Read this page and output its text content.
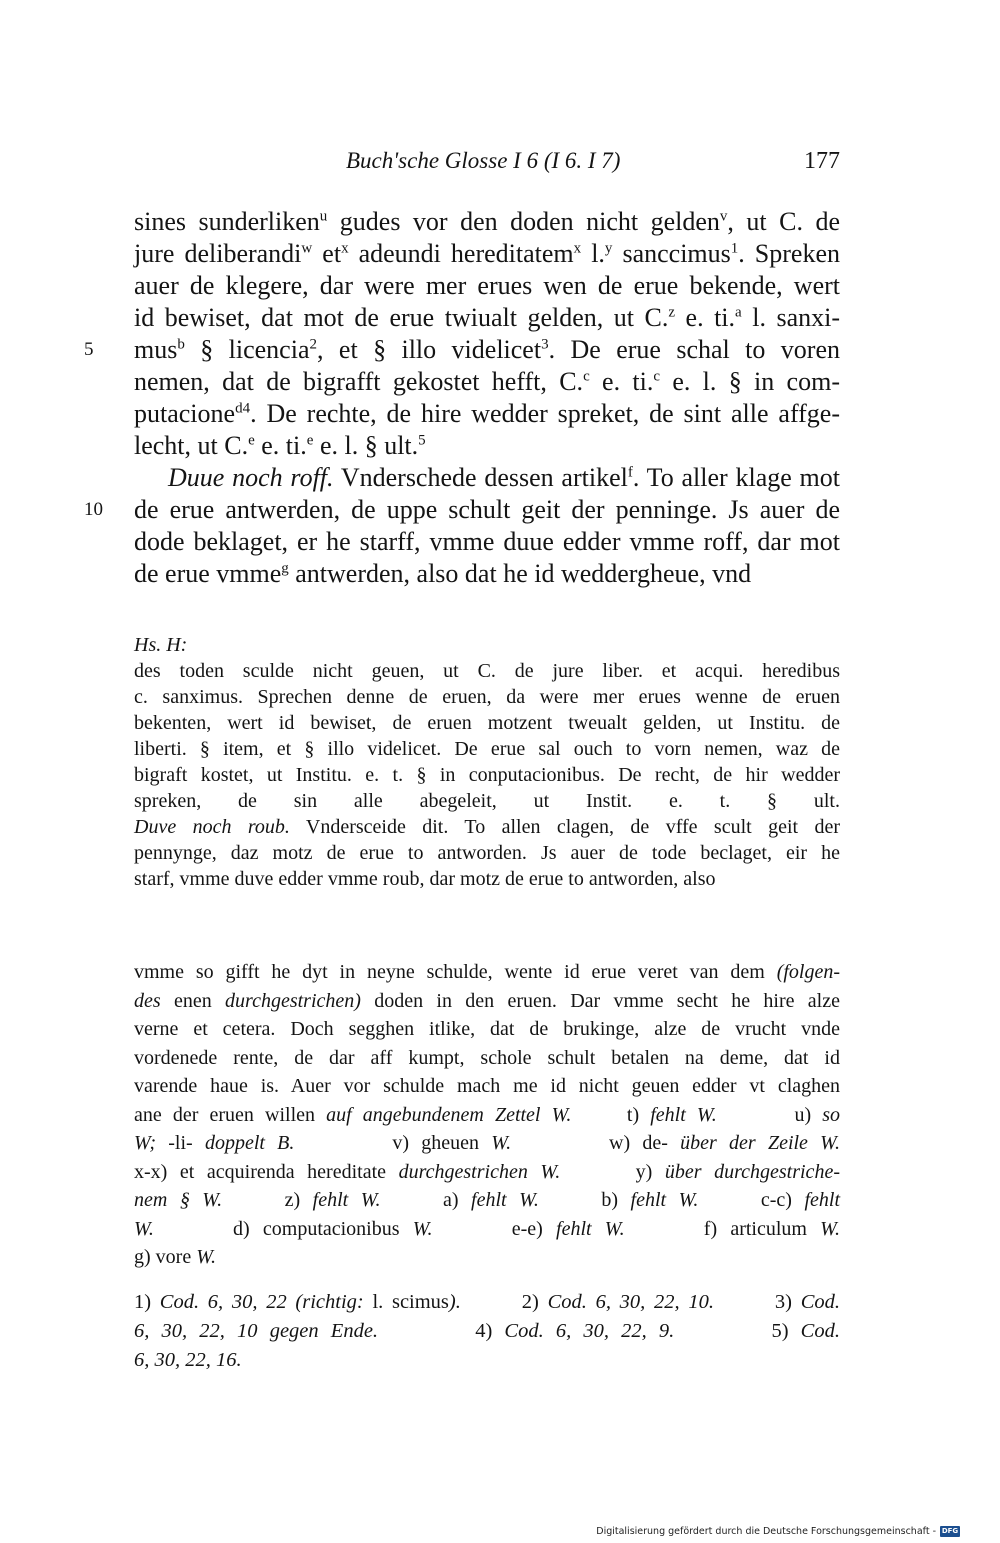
Buch'sche Glosse I 6 (I 6. I 7)	177
5
10
sines sunderliken$^u$ gudes vor den doden nicht gelden$^v$, ut C. de
jure deliberandi$^w$ $et^x$ adeundi hereditatem$^x$ l.$^y$ sanccimus$^1$. Spreken
auer de klegere, dar were mer erues wen de erue bekende, wert
id bewiset, dat mot de erue twiualt gelden, ut C.$^z$ e. ti.$^a$ l. sanxi-
mus$^b$ § licencia$^2$, et § illo videlicet$^3$. De erue schal to voren
nemen, dat de bigrafft gekostet hefft, C.$^c$ e. ti.$^c$ e. l. § in com-
putacione$^{d4}$. De rechte, de hire wedder spreket, de sint alle affge-
lecht, ut C.$^e$ e. ti.$^e$ e. l. § ult.$^5$
Duue noch roff. Vnderschede dessen artikel$^f$. To aller klage mot
de erue antwerden, de uppe schult geit der penninge. Js auer de
dode beklaget, er he starff, vmme duue edder vmme roff, dar mot
de erue vmme$^g$ antwerden, also dat he id weddergheue, vnd
Hs. H:
des toden sculde nicht geuen, ut C. de jure liber. et acqui. heredibus
c. sanximus. Sprechen denne de eruen, da were mer erues wenne de eruen
bekenten, wert id bewiset, de eruen motzent tweualt gelden, ut Institu. de
liberti. § item, et § illo videlicet. De erue sal ouch to vorn nemen, waz de
bigraft kostet, ut Institu. e. t. § in conputacionibus. De recht, de hir wedder
spreken, de sin alle abegeleit, ut Instit. e. t. § ult.
Duve noch roub. Vndersceide dit. To allen clagen, de vffe scult geit der
pennynge, daz motz de erue to antworden. Js auer de tode beclaget, eir he
starf, vmme duve edder vmme roub, dar motz de erue to antworden, also
vmme so gifft he dyt in neyne schulde, wente id erue veret van dem (folgen-
des enen durchgestrichen) doden in den eruen. Dar vmme secht he hire alze
verne et cetera. Doch segghen itlike, dat de brukinge, alze de vrucht vnde
vordenede rente, de dar aff kumpt, schole schult betalen na deme, dat id
varende haue is. Auer vor schulde mach me id nicht geuen edder vt claghen
ane der eruen willen auf angebundenem Zettel W.     t) fehlt W.       u) so
W; -li- doppelt B.        v) gheuen W.        w) de- über der Zeile W.
x-x) et acquirenda hereditate durchgestrichen W.      y) über durchgestriche-
nem § W.     z) fehlt W.     a) fehlt W.     b) fehlt W.     c-c) fehlt
W.      d) computacionibus W.      e-e) fehlt W.      f) articulum W.
g) vore W.
1) Cod. 6, 30, 22 (richtig: l. scimus).       2) Cod. 6, 30, 22, 10.       3) Cod.
6, 30, 22, 10 gegen Ende.        4) Cod. 6, 30, 22, 9.        5) Cod.
6, 30, 22, 16.
Digitalisierung gefördert durch die Deutsche Forschungsgemeinschaft - DFG
